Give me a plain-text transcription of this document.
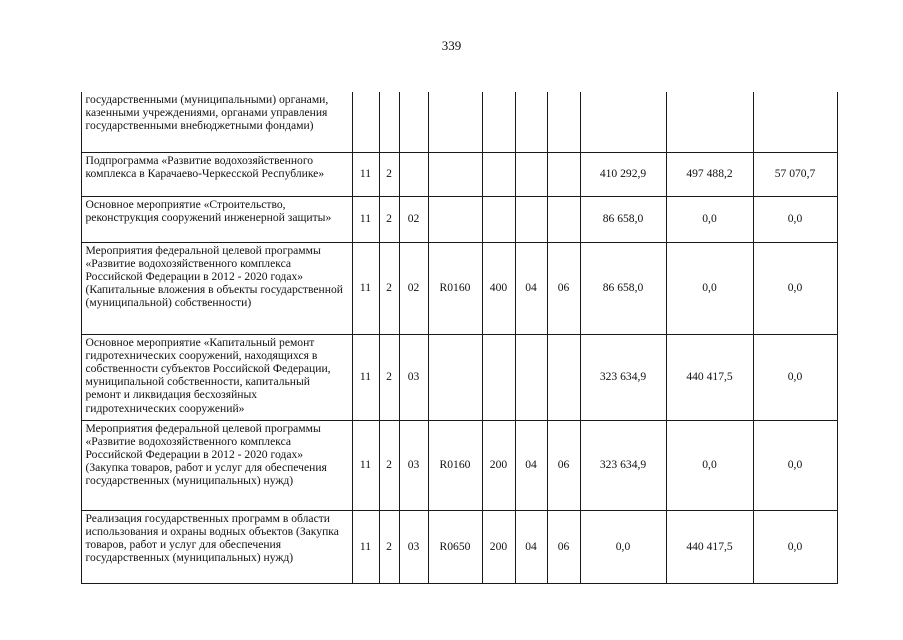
339
	государственными (муниципальными) органами, казенными учреждениями, органами управления государственными внебюджетными фондами)										
	Подпрограмма «Развитие водохозяйственного комплекса в Карачаево-Черкесской Республике»	11	2						410 292,9	497 488,2	57 070,7
	Основное мероприятие «Строительство, реконструкция сооружений инженерной защиты»	11	2	02					86 658,0	0,0	0,0
	Мероприятия федеральной целевой программы «Развитие водохозяйственного комплекса Российской Федерации в 2012 - 2020 годах» (Капитальные вложения в объекты государственной (муниципальной) собственности)	11	2	02	R0160	400	04	06	86 658,0	0,0	0,0
	Основное мероприятие «Капитальный ремонт гидротехнических сооружений, находящихся в собственности субъектов Российской Федерации, муниципальной собственности, капитальный ремонт и ликвидация бесхозяйных гидротехнических сооружений»	11	2	03					323 634,9	440 417,5	0,0
	Мероприятия федеральной целевой программы «Развитие водохозяйственного комплекса Российской Федерации в 2012 - 2020 годах» (Закупка товаров, работ и услуг для обеспечения государственных (муниципальных) нужд)	11	2	03	R0160	200	04	06	323 634,9	0,0	0,0
	Реализация государственных программ в области использования и охраны водных объектов (Закупка товаров, работ и услуг для обеспечения государственных (муниципальных) нужд)	11	2	03	R0650	200	04	06	0,0	440 417,5	0,0
